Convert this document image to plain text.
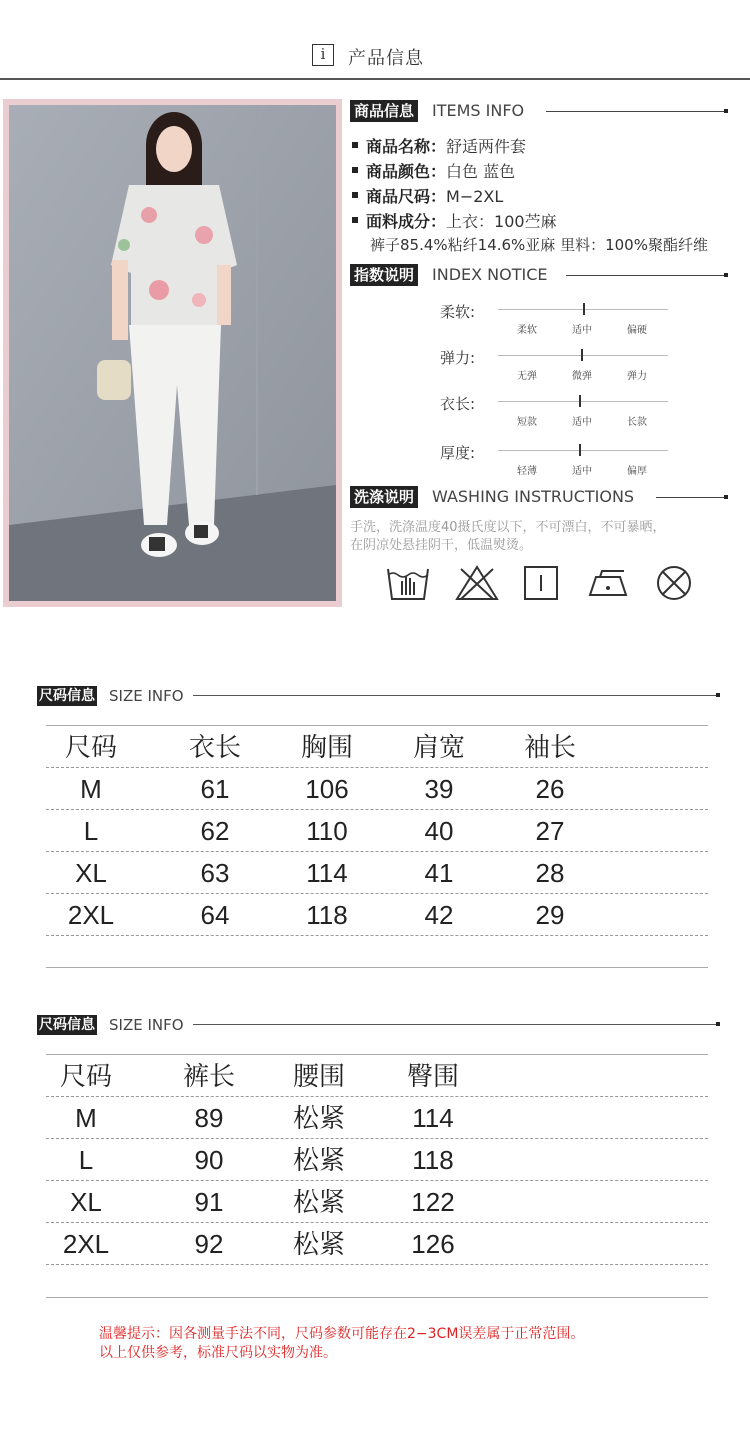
i	产品信息
商品信息 ITEMS INFO
商品名称：舒适两件套
商品颜色：白色 蓝色
商品尺码：M−2XL
面料成分：上衣：100苎麻
裤子85.4%粘纤14.6%亚麻 里料：100%聚酯纤维
指数说明 INDEX NOTICE
柔软:
柔软	适中	偏硬
弹力:
无弹	微弹	弹力
衣长:
短款	适中	长款
厚度:
轻薄	适中	偏厚
洗涤说明 WASHING INSTRUCTIONS
手洗，洗涤温度40摄氏度以下，不可漂白，不可暴晒，
在阴凉处悬挂阴干，低温熨烫。
尺码信息 SIZE INFO
尺码	衣长	胸围	肩宽	袖长
M	61	106	39	26
L	62	110	40	27
XL	63	114	41	28
2XL	64	118	42	29
尺码信息 SIZE INFO
尺码	裤长	腰围	臀围
M	89	松紧	114
L	90	松紧	118
XL	91	松紧	122
2XL	92	松紧	126
温馨提示：因各测量手法不同，尺码参数可能存在2−3CM误差属于正常范围。
以上仅供参考，标准尺码以实物为准。
